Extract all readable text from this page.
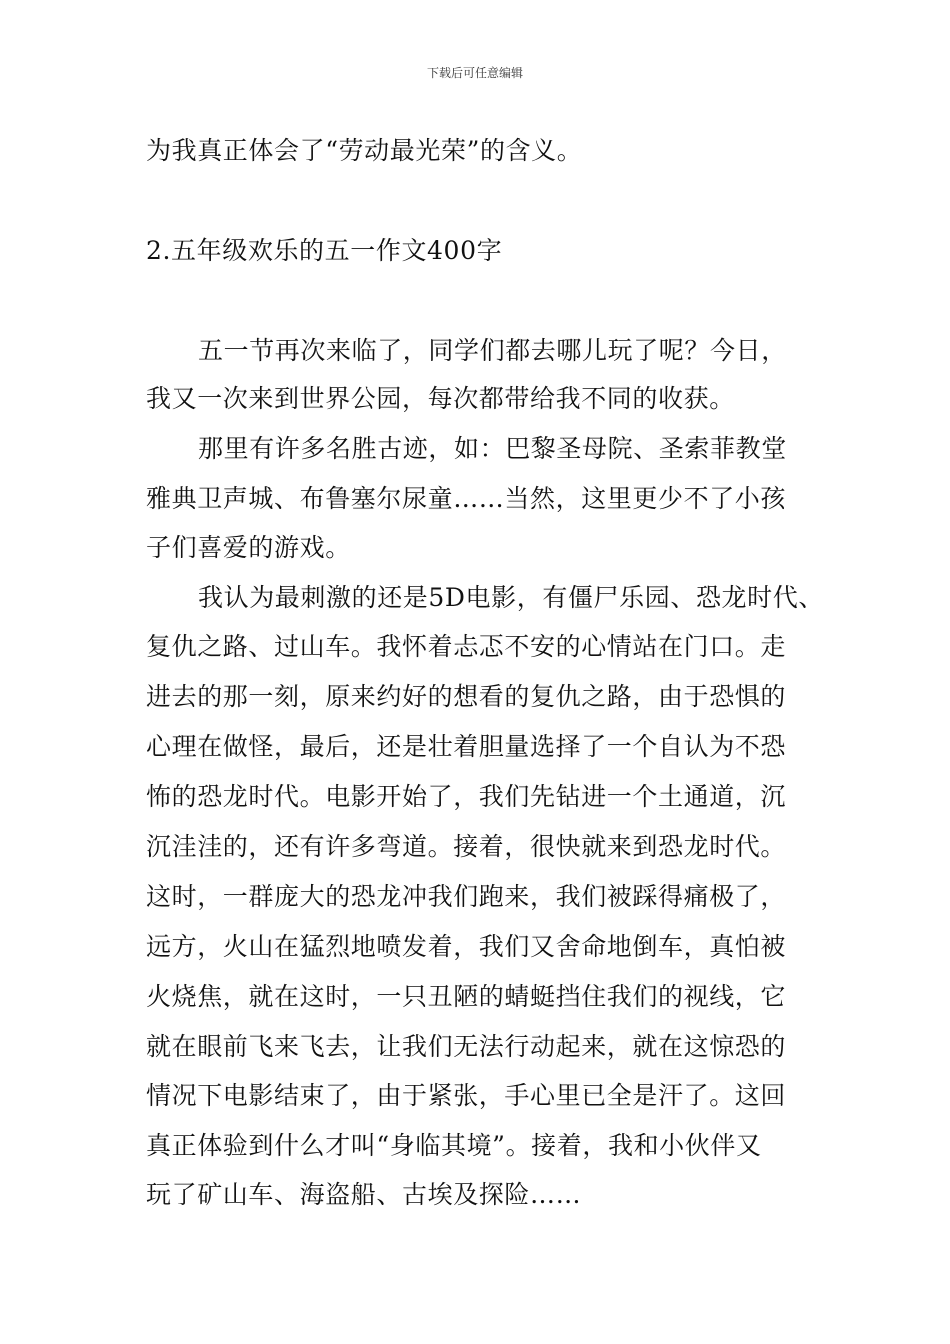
下载后可任意编辑
为我真正体会了“劳动最光荣”的含义。
2.五年级欢乐的五一作文400字
五一节再次来临了，同学们都去哪儿玩了呢？今日，
我又一次来到世界公园，每次都带给我不同的收获。
那里有许多名胜古迹，如：巴黎圣母院、圣索菲教堂
雅典卫声城、布鲁塞尔尿童……当然，这里更少不了小孩
子们喜爱的游戏。
我认为最刺激的还是5D电影，有僵尸乐园、恐龙时代、
复仇之路、过山车。我怀着忐忑不安的心情站在门口。走
进去的那一刻，原来约好的想看的复仇之路，由于恐惧的
心理在做怪，最后，还是壮着胆量选择了一个自认为不恐
怖的恐龙时代。电影开始了，我们先钻进一个土通道，沉
沉洼洼的，还有许多弯道。接着，很快就来到恐龙时代。
这时，一群庞大的恐龙冲我们跑来，我们被踩得痛极了，
远方，火山在猛烈地喷发着，我们又舍命地倒车，真怕被
火烧焦，就在这时，一只丑陋的蜻蜓挡住我们的视线，它
就在眼前飞来飞去，让我们无法行动起来，就在这惊恐的
情况下电影结束了，由于紧张，手心里已全是汗了。这回
真正体验到什么才叫“身临其境”。接着，我和小伙伴又
玩了矿山车、海盗船、古埃及探险……
